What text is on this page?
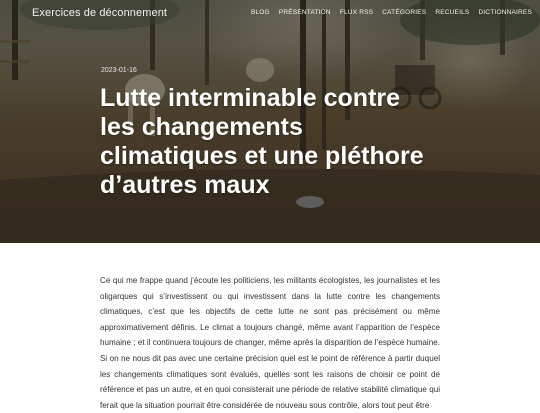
Exercices de déconnement	BLOG PRÉSENTATION FLUX RSS CATÉGORIES RECUEILS DICTIONNAIRES
2023-01-16
Lutte interminable contre les changements climatiques et une pléthore d’autres maux

Ce qui me frappe quand j’écoute les politiciens, les militants écologistes, les journalistes et les oligarques qui s’investissent ou qui investissent dans la lutte contre les changements climatiques, c’est que les objectifs de cette lutte ne sont pas précisément ou même approximativement définis. Le climat a toujours changé, même avant l’apparition de l’espèce humaine ; et il continuera toujours de changer, même après la disparition de l’espèce humaine. Si on ne nous dit pas avec une certaine précision quel est le point de référence à partir duquel les changements climatiques sont évalués, quelles sont les raisons de choisir ce point de référence et pas un autre, et en quoi consisterait une période de relative stabilité climatique qui ferait que la situation pourrait être considérée de nouveau sous contrôle, alors tout peut être
